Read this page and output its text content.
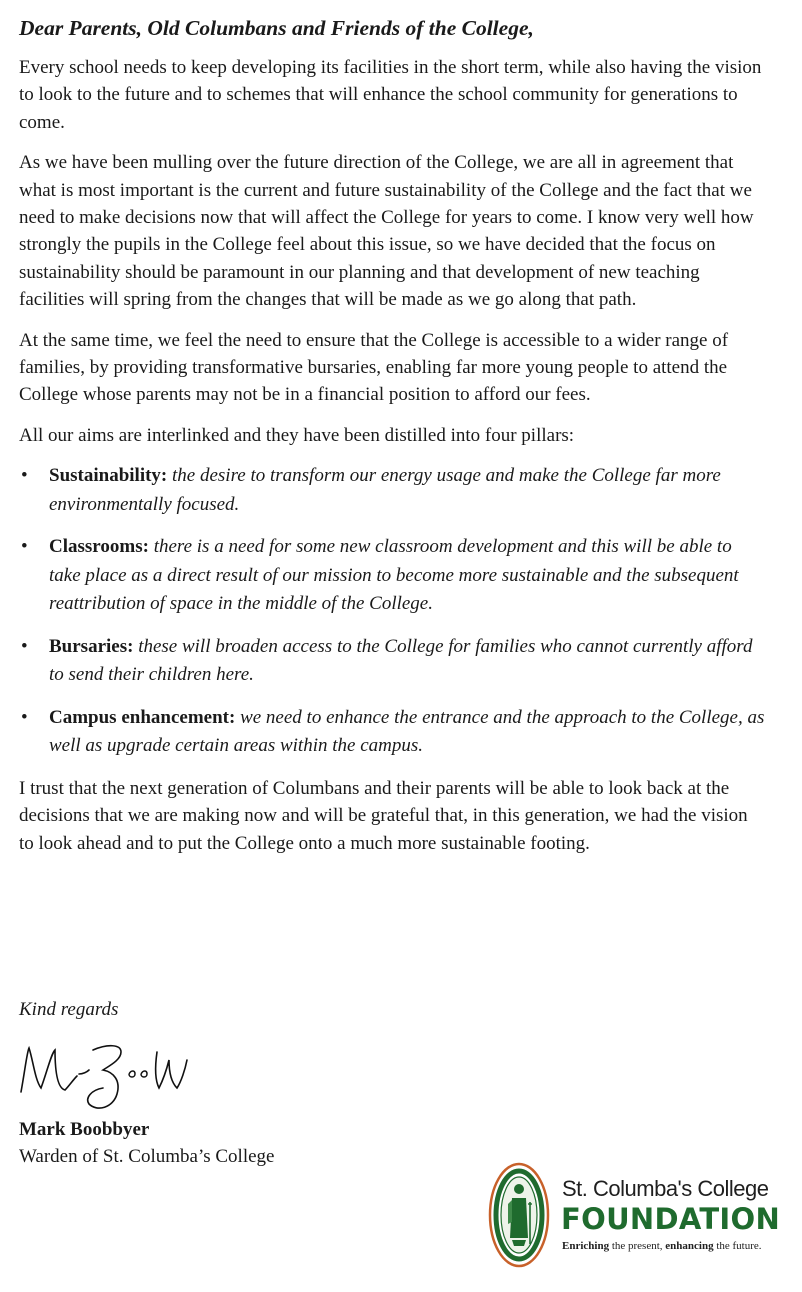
Dear Parents, Old Columbans and Friends of the College,

Every school needs to keep developing its facilities in the short term, while also having the vision to look to the future and to schemes that will enhance the school community for generations to come.

As we have been mulling over the future direction of the College, we are all in agreement that what is most important is the current and future sustainability of the College and the fact that we need to make decisions now that will affect the College for years to come. I know very well how strongly the pupils in the College feel about this issue, so we have decided that the focus on sustainability should be paramount in our planning and that development of new teaching facilities will spring from the changes that will be made as we go along that path.

At the same time, we feel the need to ensure that the College is accessible to a wider range of families, by providing transformative bursaries, enabling far more young people to attend the College whose parents may not be in a financial position to afford our fees.

All our aims are interlinked and they have been distilled into four pillars:

• Sustainability: the desire to transform our energy usage and make the College far more environmentally focused.
• Classrooms: there is a need for some new classroom development and this will be able to take place as a direct result of our mission to become more sustainable and the subsequent reattribution of space in the middle of the College.
• Bursaries: these will broaden access to the College for families who cannot currently afford to send their children here.
• Campus enhancement: we need to enhance the entrance and the approach to the College, as well as upgrade certain areas within the campus.

I trust that the next generation of Columbans and their parents will be able to look back at the decisions that we are making now and will be grateful that, in this generation, we had the vision to look ahead and to put the College onto a much more sustainable footing.

Kind regards
Mark Boobbyer
Warden of St. Columba’s College
St. Columba's College
FOUNDATION
Enriching the present, enhancing the future.
